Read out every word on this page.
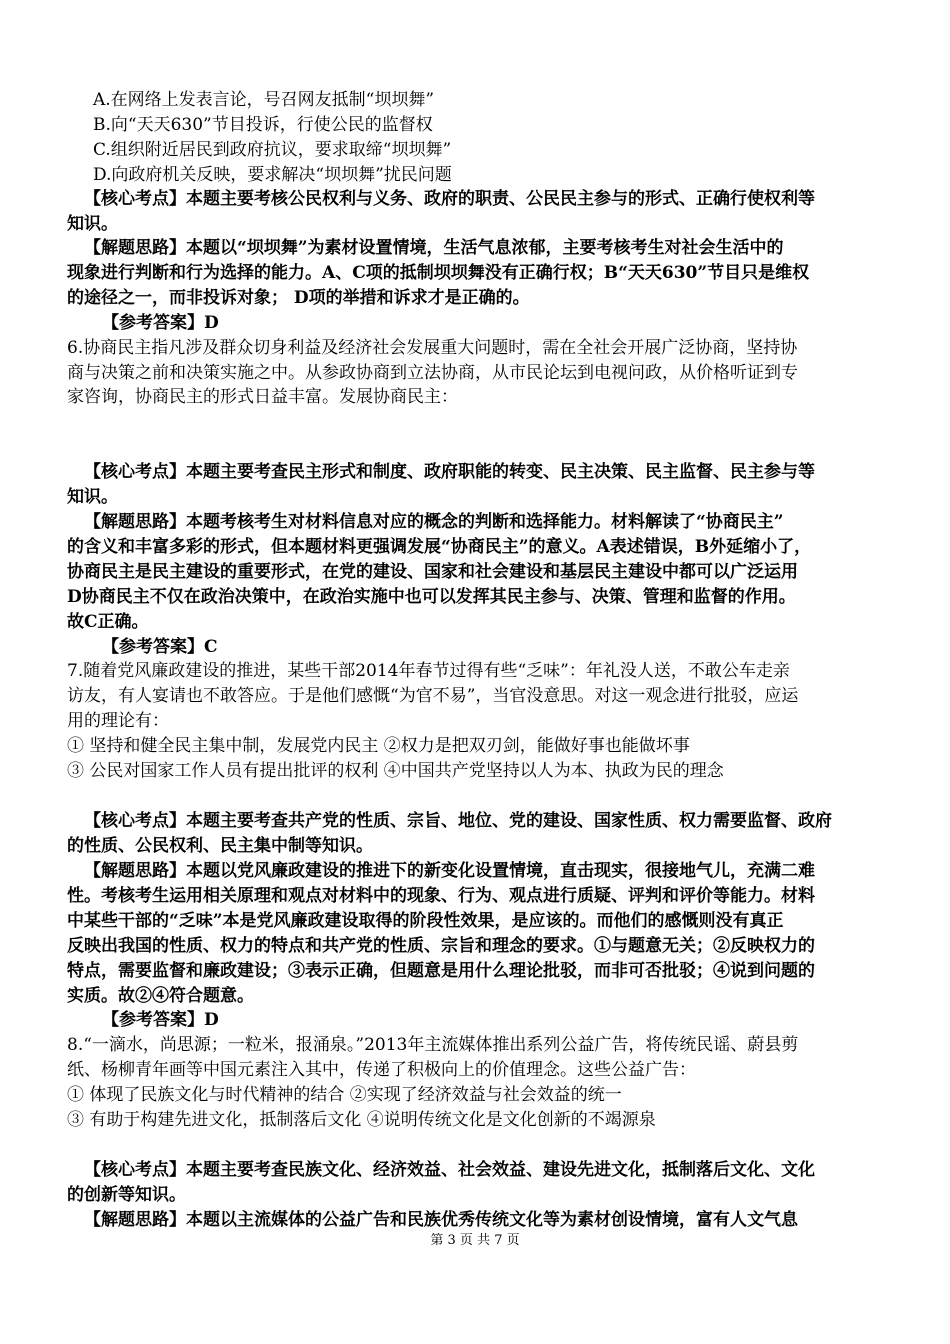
A.在网络上发表言论，号召网友抵制“坝坝舞”
B.向“天天630”节目投诉，行使公民的监督权
C.组织附近居民到政府抗议，要求取缔“坝坝舞”
D.向政府机关反映，要求解决“坝坝舞”扰民问题
【核心考点】本题主要考核公民权利与义务、政府的职责、公民民主参与的形式、正确行使权利等
知识。
【解题思路】本题以“坝坝舞”为素材设置情境，生活气息浓郁，主要考核考生对社会生活中的
现象进行判断和行为选择的能力。A、C项的抵制坝坝舞没有正确行权；B“天天630”节目只是维权
的途径之一，而非投诉对象； D项的举措和诉求才是正确的。
【参考答案】D
6.协商民主指凡涉及群众切身利益及经济社会发展重大问题时，需在全社会开展广泛协商，坚持协
商与决策之前和决策实施之中。从参政协商到立法协商，从市民论坛到电视问政，从价格听证到专
家咨询，协商民主的形式日益丰富。发展协商民主：
【核心考点】本题主要考查民主形式和制度、政府职能的转变、民主决策、民主监督、民主参与等
知识。
【解题思路】本题考核考生对材料信息对应的概念的判断和选择能力。材料解读了“协商民主”
的含义和丰富多彩的形式，但本题材料更强调发展“协商民主”的意义。A表述错误，B外延缩小了，
协商民主是民主建设的重要形式，在党的建设、国家和社会建设和基层民主建设中都可以广泛运用
D协商民主不仅在政治决策中，在政治实施中也可以发挥其民主参与、决策、管理和监督的作用。
故C正确。
【参考答案】C
7.随着党风廉政建设的推进，某些干部2014年春节过得有些“乏味”：年礼没人送，不敢公车走亲
访友，有人宴请也不敢答应。于是他们感慨“为官不易”，当官没意思。对这一观念进行批驳，应运
用的理论有：
① 坚持和健全民主集中制，发展党内民主 ②权力是把双刃剑，能做好事也能做坏事
③ 公民对国家工作人员有提出批评的权利 ④中国共产党坚持以人为本、执政为民的理念
【核心考点】本题主要考查共产党的性质、宗旨、地位、党的建设、国家性质、权力需要监督、政府
的性质、公民权利、民主集中制等知识。
【解题思路】本题以党风廉政建设的推进下的新变化设置情境，直击现实，很接地气儿，充满二难
性。考核考生运用相关原理和观点对材料中的现象、行为、观点进行质疑、评判和评价等能力。材料
中某些干部的“乏味”本是党风廉政建设取得的阶段性效果，是应该的。而他们的感慨则没有真正
反映出我国的性质、权力的特点和共产党的性质、宗旨和理念的要求。①与题意无关；②反映权力的
特点，需要监督和廉政建设；③表示正确，但题意是用什么理论批驳，而非可否批驳；④说到问题的
实质。故②④符合题意。
【参考答案】D
8.“一滴水，尚思源；一粒米，报涌泉。”2013年主流媒体推出系列公益广告，将传统民谣、蔚县剪
纸、杨柳青年画等中国元素注入其中，传递了积极向上的价值理念。这些公益广告：
① 体现了民族文化与时代精神的结合 ②实现了经济效益与社会效益的统一
③ 有助于构建先进文化，抵制落后文化 ④说明传统文化是文化创新的不竭源泉
【核心考点】本题主要考查民族文化、经济效益、社会效益、建设先进文化，抵制落后文化、文化
的创新等知识。
【解题思路】本题以主流媒体的公益广告和民族优秀传统文化等为素材创设情境，富有人文气息
第 3 页 共 7 页
